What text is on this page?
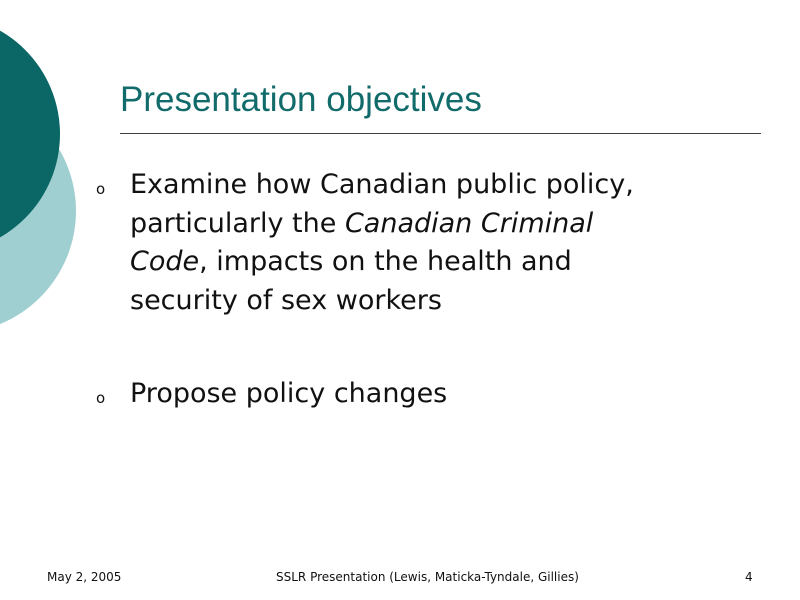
Presentation objectives
o Examine how Canadian public policy,
particularly the Canadian Criminal
Code, impacts on the health and
security of sex workers
o Propose policy changes
May 2, 2005	SSLR Presentation (Lewis, Maticka-Tyndale, Gillies)	4
